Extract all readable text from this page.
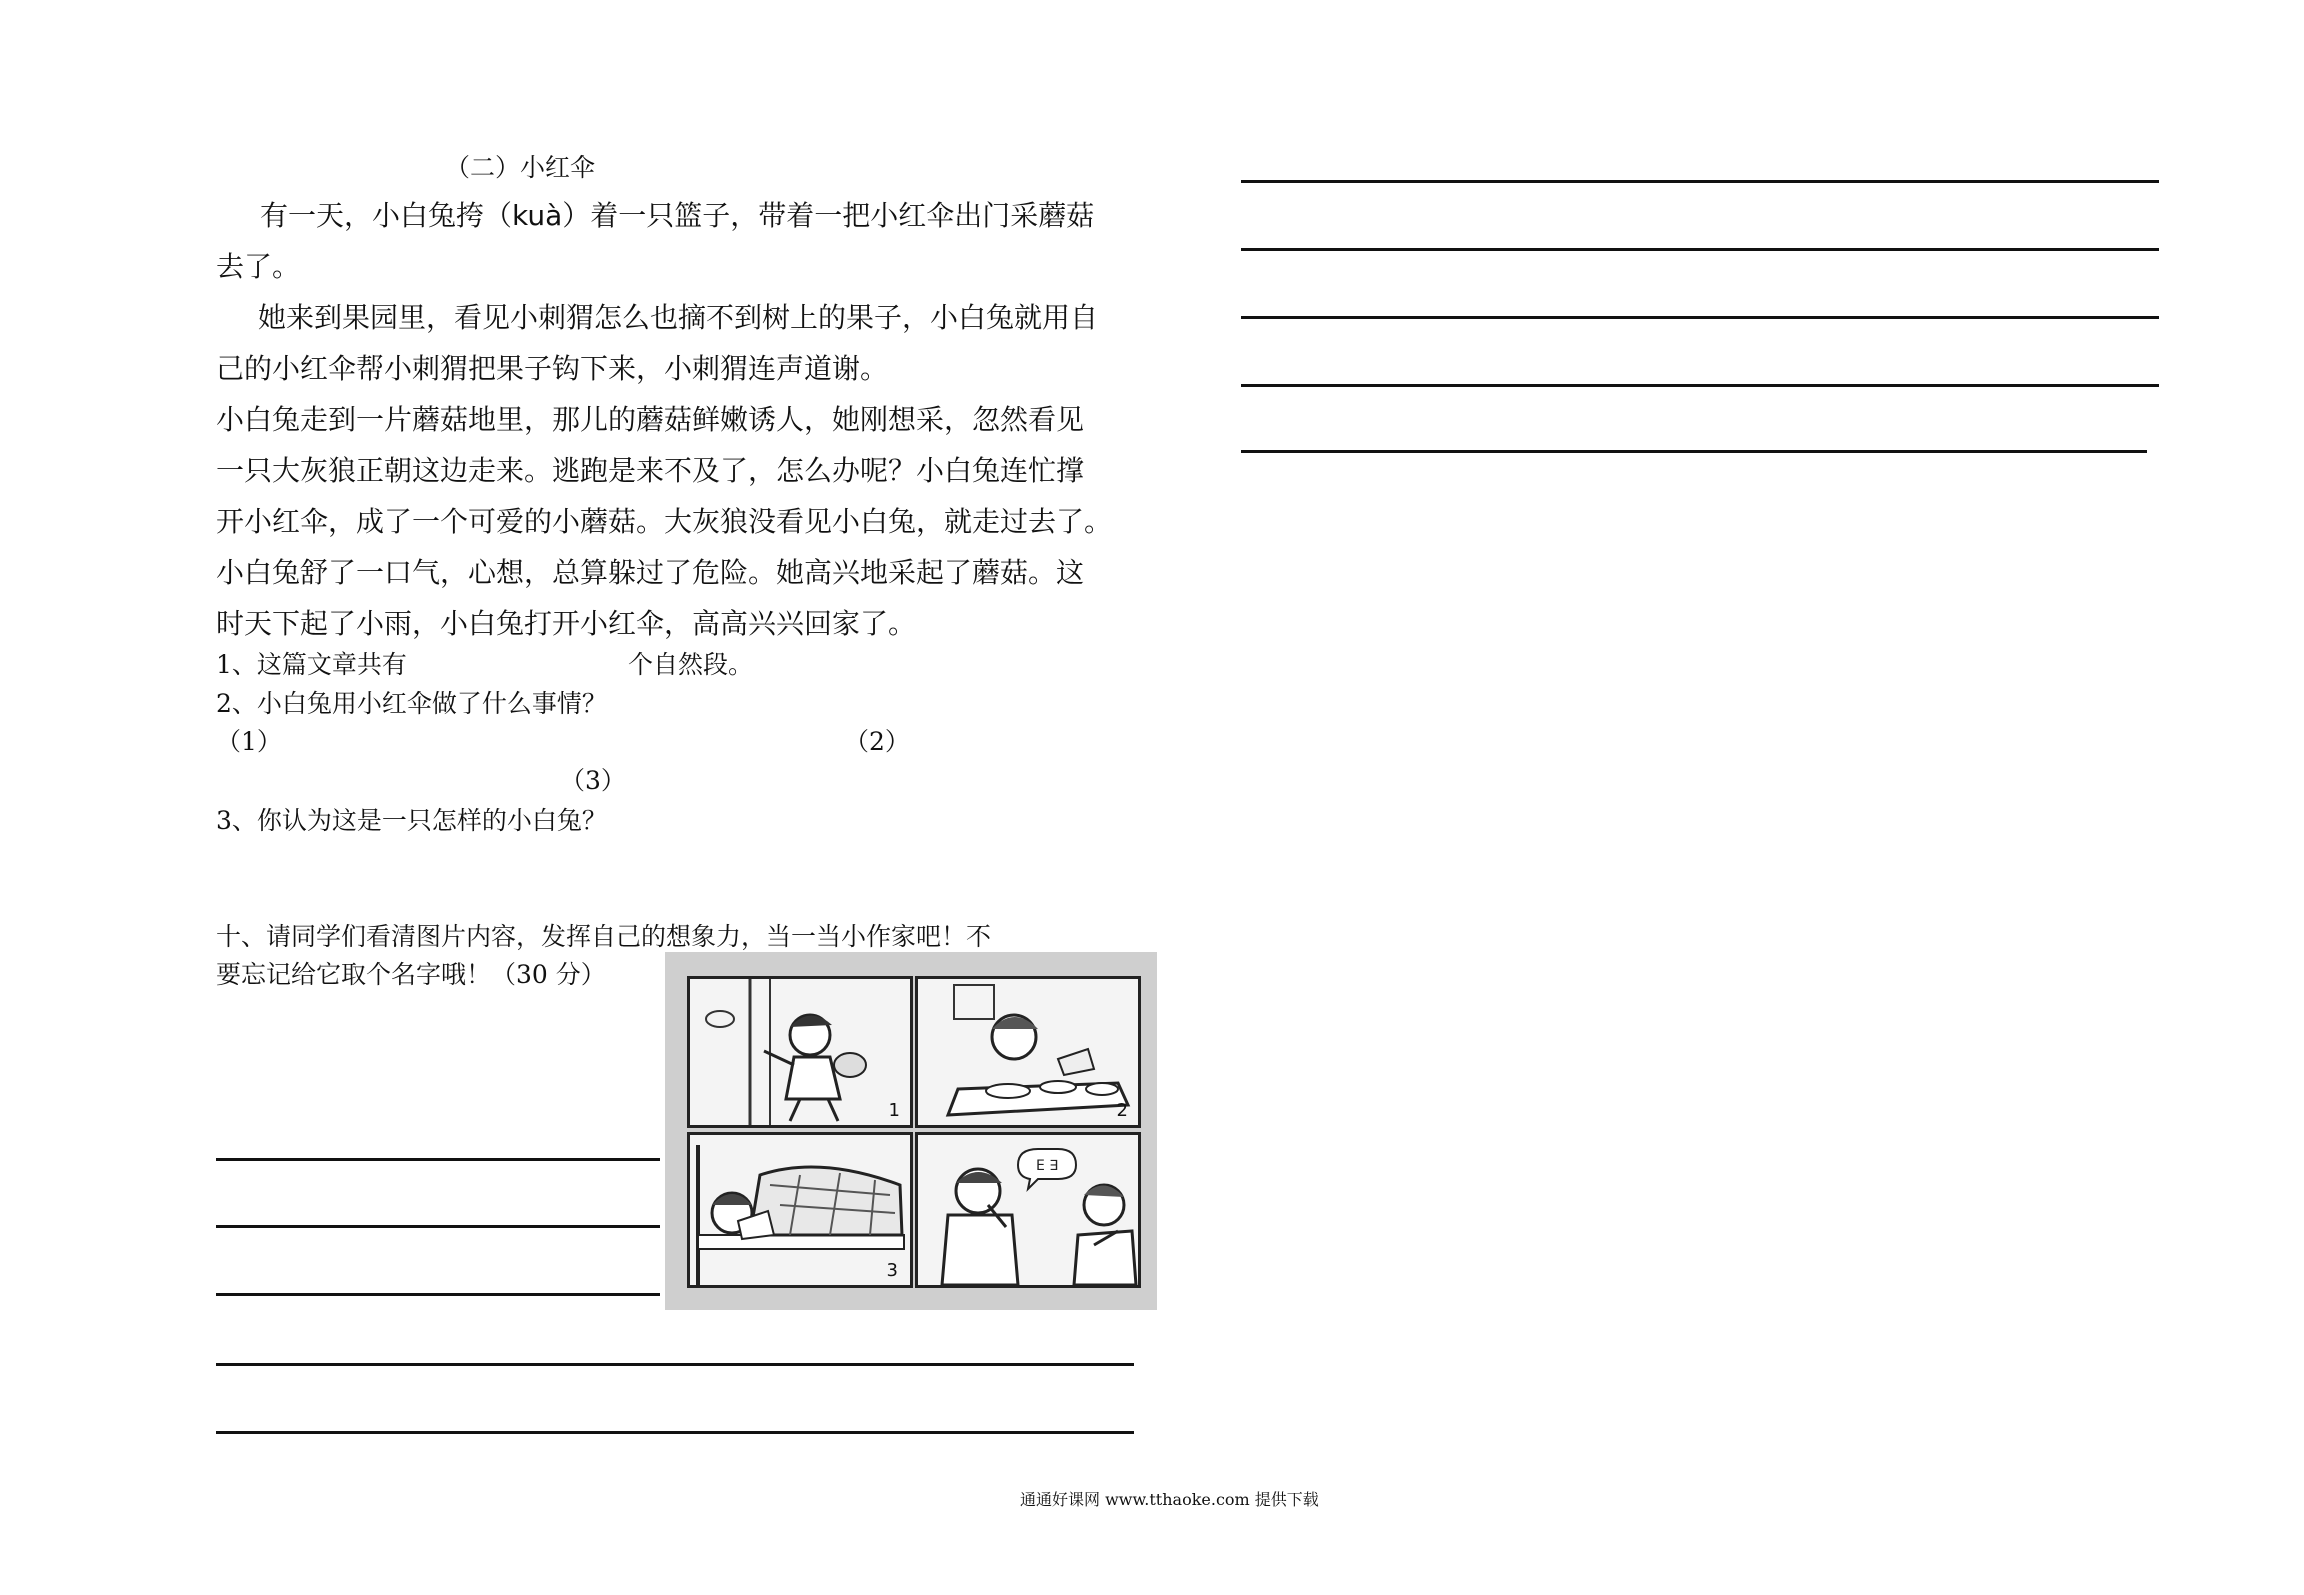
（二）小红伞
有一天，小白兔挎（kuà）着一只篮子，带着一把小红伞出门采蘑菇
去了。
她来到果园里，看见小刺猬怎么也摘不到树上的果子，小白兔就用自
己的小红伞帮小刺猬把果子钩下来，小刺猬连声道谢。
小白兔走到一片蘑菇地里，那儿的蘑菇鲜嫩诱人，她刚想采，忽然看见
一只大灰狼正朝这边走来。逃跑是来不及了，怎么办呢？小白兔连忙撑
开小红伞，成了一个可爱的小蘑菇。大灰狼没看见小白兔，就走过去了。
小白兔舒了一口气，心想，总算躲过了危险。她高兴地采起了蘑菇。这
时天下起了小雨，小白兔打开小红伞，高高兴兴回家了。
1、这篇文章共有	个自然段。
2、小白兔用小红伞做了什么事情？
（1）	（2）
（3）
3、你认为这是一只怎样的小白兔？
十、请同学们看清图片内容，发挥自己的想象力，当一当小作家吧！不
要忘记给它取个名字哦！（30 分）
1	2
3
E ∃
通通好课网 www.tthaoke.com 提供下载
